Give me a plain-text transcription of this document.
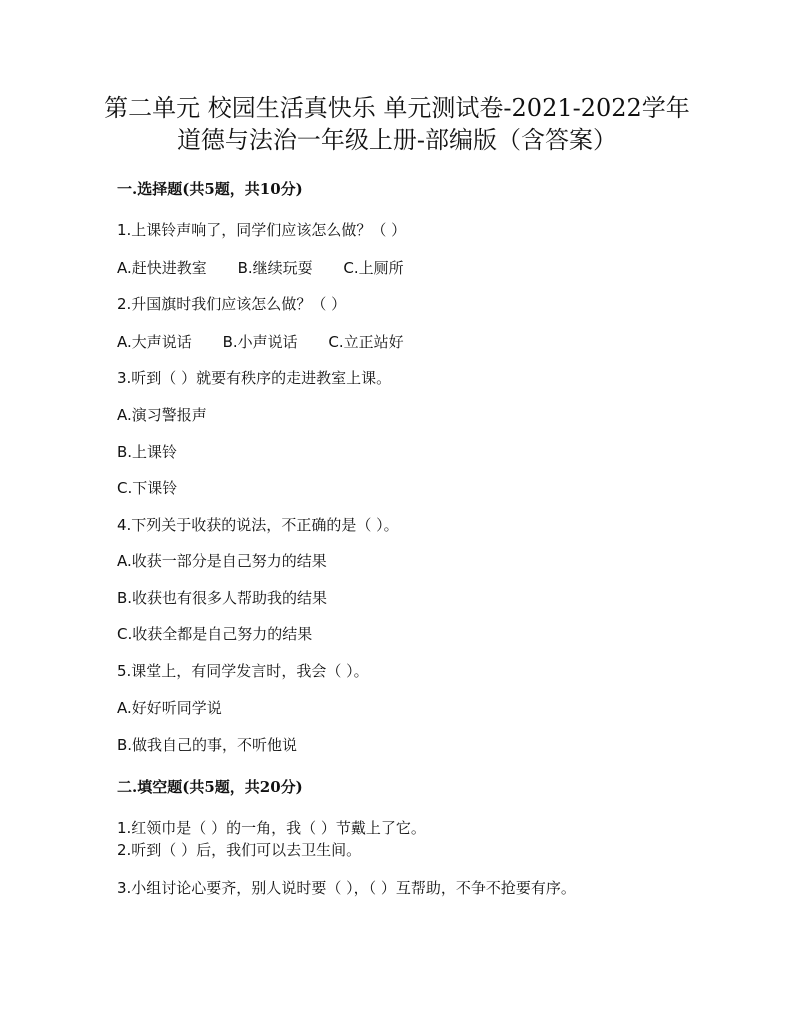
第二单元 校园生活真快乐 单元测试卷-2021-2022学年
道德与法治一年级上册-部编版（含答案）
一.选择题(共5题，共10分)
1.上课铃声响了，同学们应该怎么做？（ ）
A.赶快进教室 B.继续玩耍 C.上厕所
2.升国旗时我们应该怎么做？（ ）
A.大声说话 B.小声说话 C.立正站好
3.听到（ ）就要有秩序的走进教室上课。
A.演习警报声
B.上课铃
C.下课铃
4.下列关于收获的说法，不正确的是（ ）。
A.收获一部分是自己努力的结果
B.收获也有很多人帮助我的结果
C.收获全都是自己努力的结果
5.课堂上，有同学发言时，我会（ ）。
A.好好听同学说
B.做我自己的事，不听他说
二.填空题(共5题，共20分)
1.红领巾是（ ）的一角，我（ ）节戴上了它。
2.听到（ ）后，我们可以去卫生间。
3.小组讨论心要齐，别人说时要（ ），（ ）互帮助，不争不抢要有序。
